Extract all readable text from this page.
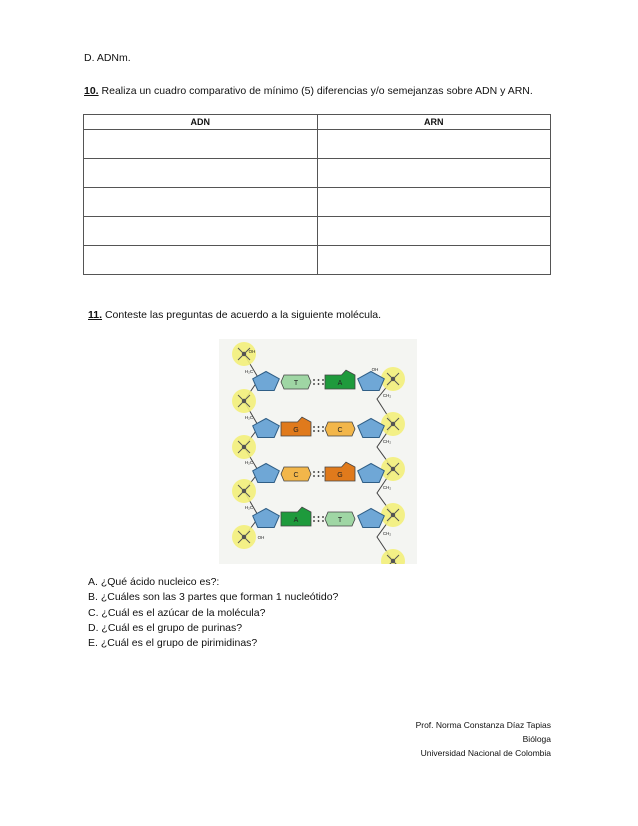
D. ADNm.
10. Realiza un cuadro comparativo de mínimo (5) diferencias y/o semejanzas sobre ADN y ARN.
ADN	ARN

11. Conteste las preguntas de acuerdo a la siguiente molécula.
T	A
G	C
C	G
A	T
OH
OH
OH
H₂C
H₂C
H₂C
H₂C
CH₂
CH₂
CH₂
CH₂
A. ¿Qué ácido nucleico es?:
B. ¿Cuáles son las 3 partes que forman 1 nucleótido?
C. ¿Cuál es el azúcar de la molécula?
D. ¿Cuál es el grupo de purinas?
E. ¿Cuál es el grupo de pirimidinas?
Prof. Norma Constanza Díaz Tapias
Bióloga
Universidad Nacional de Colombia
